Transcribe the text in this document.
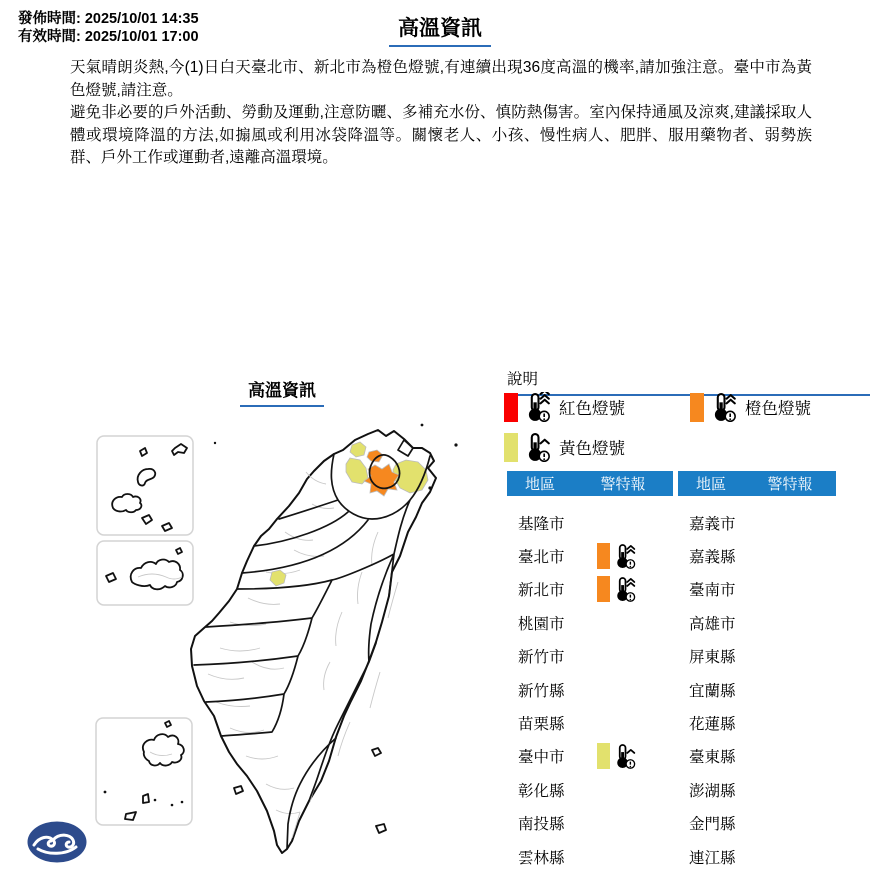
發佈時間: 2025/10/01 14:35
有效時間: 2025/10/01 17:00	高溫資訊

天氣晴朗炎熱,今(1)日白天臺北市、新北市為橙色燈號,有連續出現36度高溫的機率,請加強注意。臺中市為黃色燈號,請注意。

避免非必要的戶外活動、勞動及運動,注意防曬、多補充水份、慎防熱傷害。室內保持通風及涼爽,建議採取人體或環境降溫的方法,如搧風或利用冰袋降溫等。關懷老人、小孩、慢性病人、肥胖、服用藥物者、弱勢族群、戶外工作或運動者,遠離高溫環境。

高溫資訊
說明
紅色燈號	橙色燈號
黃色燈號
地區	警特報
基隆市
臺北市
新北市
桃園市
新竹市
新竹縣
苗栗縣
臺中市
彰化縣
南投縣
雲林縣
地區	警特報
嘉義市
嘉義縣
臺南市
高雄市
屏東縣
宜蘭縣
花蓮縣
臺東縣
澎湖縣
金門縣
連江縣
